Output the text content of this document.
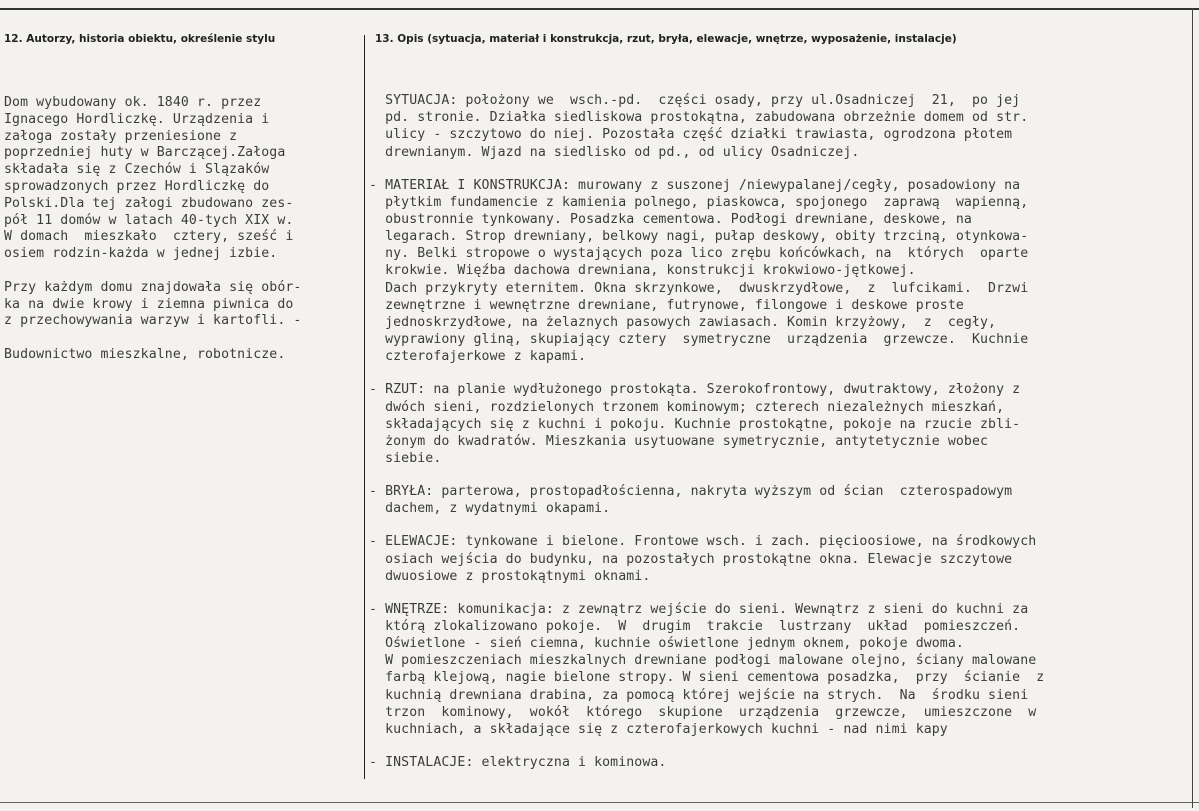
12. Autorzy, historia obiektu, określenie stylu	13. Opis (sytuacja, materiał i konstrukcja, rzut, bryła, elewacje, wnętrze, wyposażenie, instalacje)
Dom wybudowany ok. 1840 r. przez
Ignacego Hordliczkę. Urządzenia i
załoga zostały przeniesione z
poprzedniej huty w Barczącej.Załoga
składała się z Czechów i Ślązaków
sprowadzonych przez Hordliczkę do
Polski.Dla tej załogi zbudowano zes-
pół 11 domów w latach 40-tych XIX w.
W domach  mieszkało  cztery, sześć i
osiem rodzin-każda w jednej izbie.
Przy każdym domu znajdowała się obór-
ka na dwie krowy i ziemna piwnica do
z przechowywania warzyw i kartofli. -
Budownictwo mieszkalne, robotnicze.
SYTUACJA: położony we  wsch.-pd.  części osady, przy ul.Osadniczej  21,  po jej
pd. stronie. Działka siedliskowa prostokątna, zabudowana obrzeżnie domem od str.
ulicy - szczytowo do niej. Pozostała część działki trawiasta, ogrodzona płotem
drewnianym. Wjazd na siedlisko od pd., od ulicy Osadniczej.
- MATERIAŁ I KONSTRUKCJA: murowany z suszonej /niewypalanej/cegły, posadowiony na
płytkim fundamencie z kamienia polnego, piaskowca, spojonego  zaprawą  wapienną,
obustronnie tynkowany. Posadzka cementowa. Podłogi drewniane, deskowe, na
legarach. Strop drewniany, belkowy nagi, pułap deskowy, obity trzciną, otynkowa-
ny. Belki stropowe o wystających poza lico zrębu końcówkach, na  których  oparte
krokwie. Więźba dachowa drewniana, konstrukcji krokwiowo-jętkowej.
Dach przykryty eternitem. Okna skrzynkowe,  dwuskrzydłowe,  z  lufcikami.  Drzwi
zewnętrzne i wewnętrzne drewniane, futrynowe, filongowe i deskowe proste
jednoskrzydłowe, na żelaznych pasowych zawiasach. Komin krzyżowy,  z  cegły,
wyprawiony gliną, skupiający cztery  symetryczne  urządzenia  grzewcze.  Kuchnie
czterofajerkowe z kapami.
- RZUT: na planie wydłużonego prostokąta. Szerokofrontowy, dwutraktowy, złożony z
dwóch sieni, rozdzielonych trzonem kominowym; czterech niezależnych mieszkań,
składających się z kuchni i pokoju. Kuchnie prostokątne, pokoje na rzucie zbli-
żonym do kwadratów. Mieszkania usytuowane symetrycznie, antytetycznie wobec
siebie.
- BRYŁA: parterowa, prostopadłościenna, nakryta wyższym od ścian  czterospadowym
dachem, z wydatnymi okapami.
- ELEWACJE: tynkowane i bielone. Frontowe wsch. i zach. pięcioosiowe, na środkowych
osiach wejścia do budynku, na pozostałych prostokątne okna. Elewacje szczytowe
dwuosiowe z prostokątnymi oknami.
- WNĘTRZE: komunikacja: z zewnątrz wejście do sieni. Wewnątrz z sieni do kuchni za
którą zlokalizowano pokoje.  W  drugim  trakcie  lustrzany  układ  pomieszczeń.
Oświetlone - sień ciemna, kuchnie oświetlone jednym oknem, pokoje dwoma.
W pomieszczeniach mieszkalnych drewniane podłogi malowane olejno, ściany malowane
farbą klejową, nagie bielone stropy. W sieni cementowa posadzka,  przy  ścianie  z
kuchnią drewniana drabina, za pomocą której wejście na strych.  Na  środku sieni
trzon  kominowy,  wokół  którego  skupione  urządzenia  grzewcze,  umieszczone  w
kuchniach, a składające się z czterofajerkowych kuchni - nad nimi kapy
- INSTALACJE: elektryczna i kominowa.
